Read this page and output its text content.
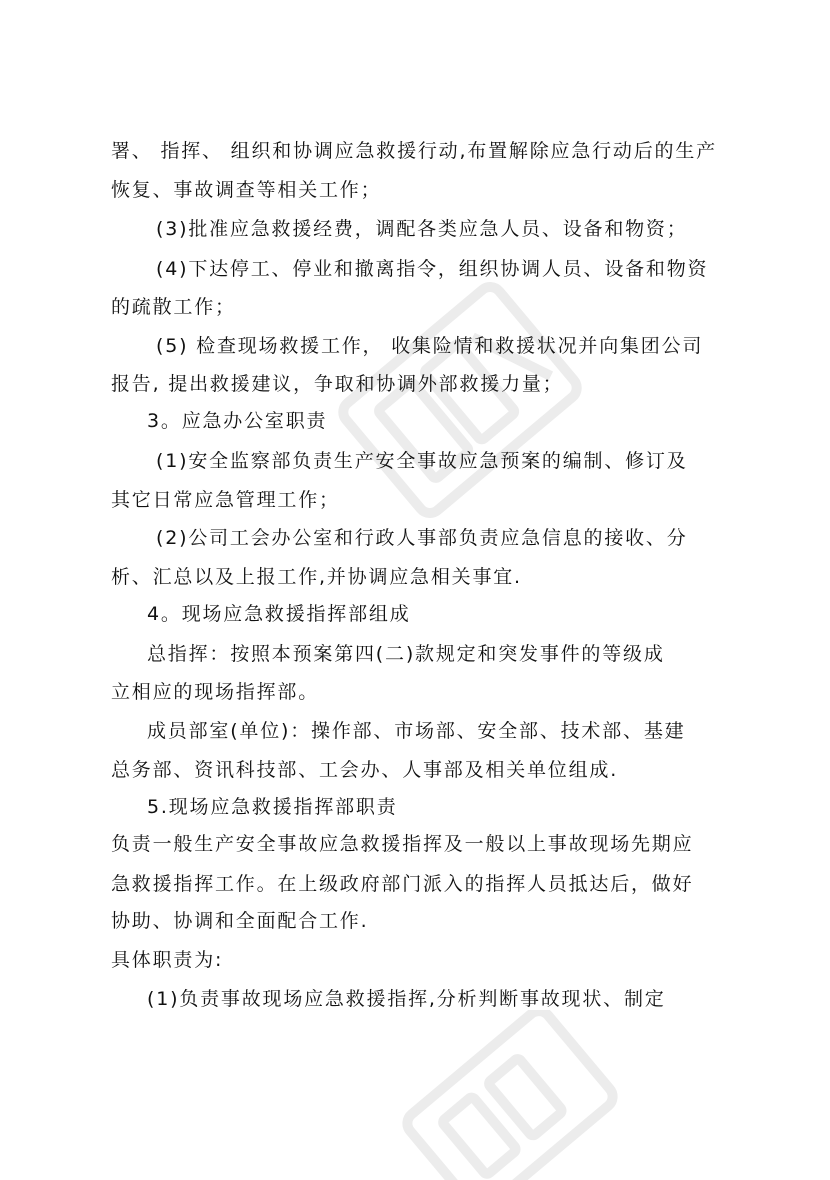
署、 指挥、 组织和协调应急救援行动,布置解除应急行动后的生产
恢复、事故调查等相关工作；
(3)批准应急救援经费，调配各类应急人员、设备和物资；
(4)下达停工、停业和撤离指令，组织协调人员、设备和物资
的疏散工作；
(5) 检查现场救援工作， 收集险情和救援状况并向集团公司
报告, 提出救援建议，争取和协调外部救援力量；
3。应急办公室职责
(1)安全监察部负责生产安全事故应急预案的编制、修订及
其它日常应急管理工作；
(2)公司工会办公室和行政人事部负责应急信息的接收、分
析、汇总以及上报工作,并协调应急相关事宜.
4。现场应急救援指挥部组成
总指挥：按照本预案第四(二)款规定和突发事件的等级成
立相应的现场指挥部。
成员部室(单位)：操作部、市场部、安全部、技术部、基建
总务部、资讯科技部、工会办、人事部及相关单位组成.
5.现场应急救援指挥部职责
负责一般生产安全事故应急救援指挥及一般以上事故现场先期应
急救援指挥工作。在上级政府部门派入的指挥人员抵达后，做好
协助、协调和全面配合工作.
具体职责为:
(1)负责事故现场应急救援指挥,分析判断事故现状、制定
